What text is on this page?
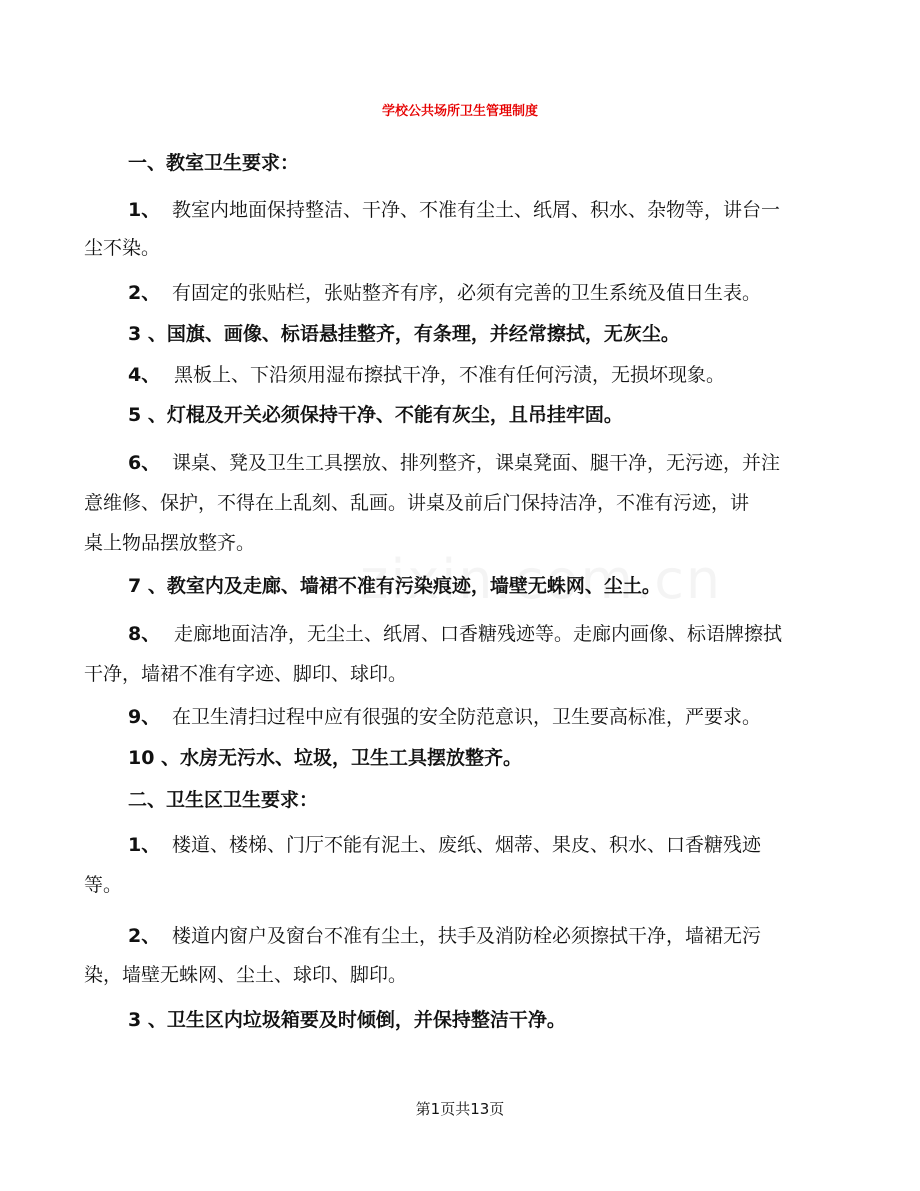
学校公共场所卫生管理制度
一、教室卫生要求：
1、 教室内地面保持整洁、干净、不准有尘土、纸屑、积水、杂物等，讲台一
尘不染。
2、 有固定的张贴栏，张贴整齐有序，必须有完善的卫生系统及值日生表。
3 、国旗、画像、标语悬挂整齐，有条理，并经常擦拭，无灰尘。
4、 黑板上、下沿须用湿布擦拭干净，不准有任何污渍，无损坏现象。
5 、灯棍及开关必须保持干净、不能有灰尘，且吊挂牢固。
6、 课桌、凳及卫生工具摆放、排列整齐，课桌凳面、腿干净，无污迹，并注
意维修、保护，不得在上乱刻、乱画。讲桌及前后门保持洁净，不准有污迹，讲
桌上物品摆放整齐。
7 、教室内及走廊、墙裙不准有污染痕迹，墙壁无蛛网、尘土。
8、 走廊地面洁净，无尘土、纸屑、口香糖残迹等。走廊内画像、标语牌擦拭
干净，墙裙不准有字迹、脚印、球印。
9、 在卫生清扫过程中应有很强的安全防范意识，卫生要高标准，严要求。
10 、水房无污水、垃圾，卫生工具摆放整齐。
二、卫生区卫生要求：
1、 楼道、楼梯、门厅不能有泥土、废纸、烟蒂、果皮、积水、口香糖残迹
等。
2、 楼道内窗户及窗台不准有尘土，扶手及消防栓必须擦拭干净，墙裙无污
染，墙壁无蛛网、尘土、球印、脚印。
3 、卫生区内垃圾箱要及时倾倒，并保持整洁干净。
第1页共13页
